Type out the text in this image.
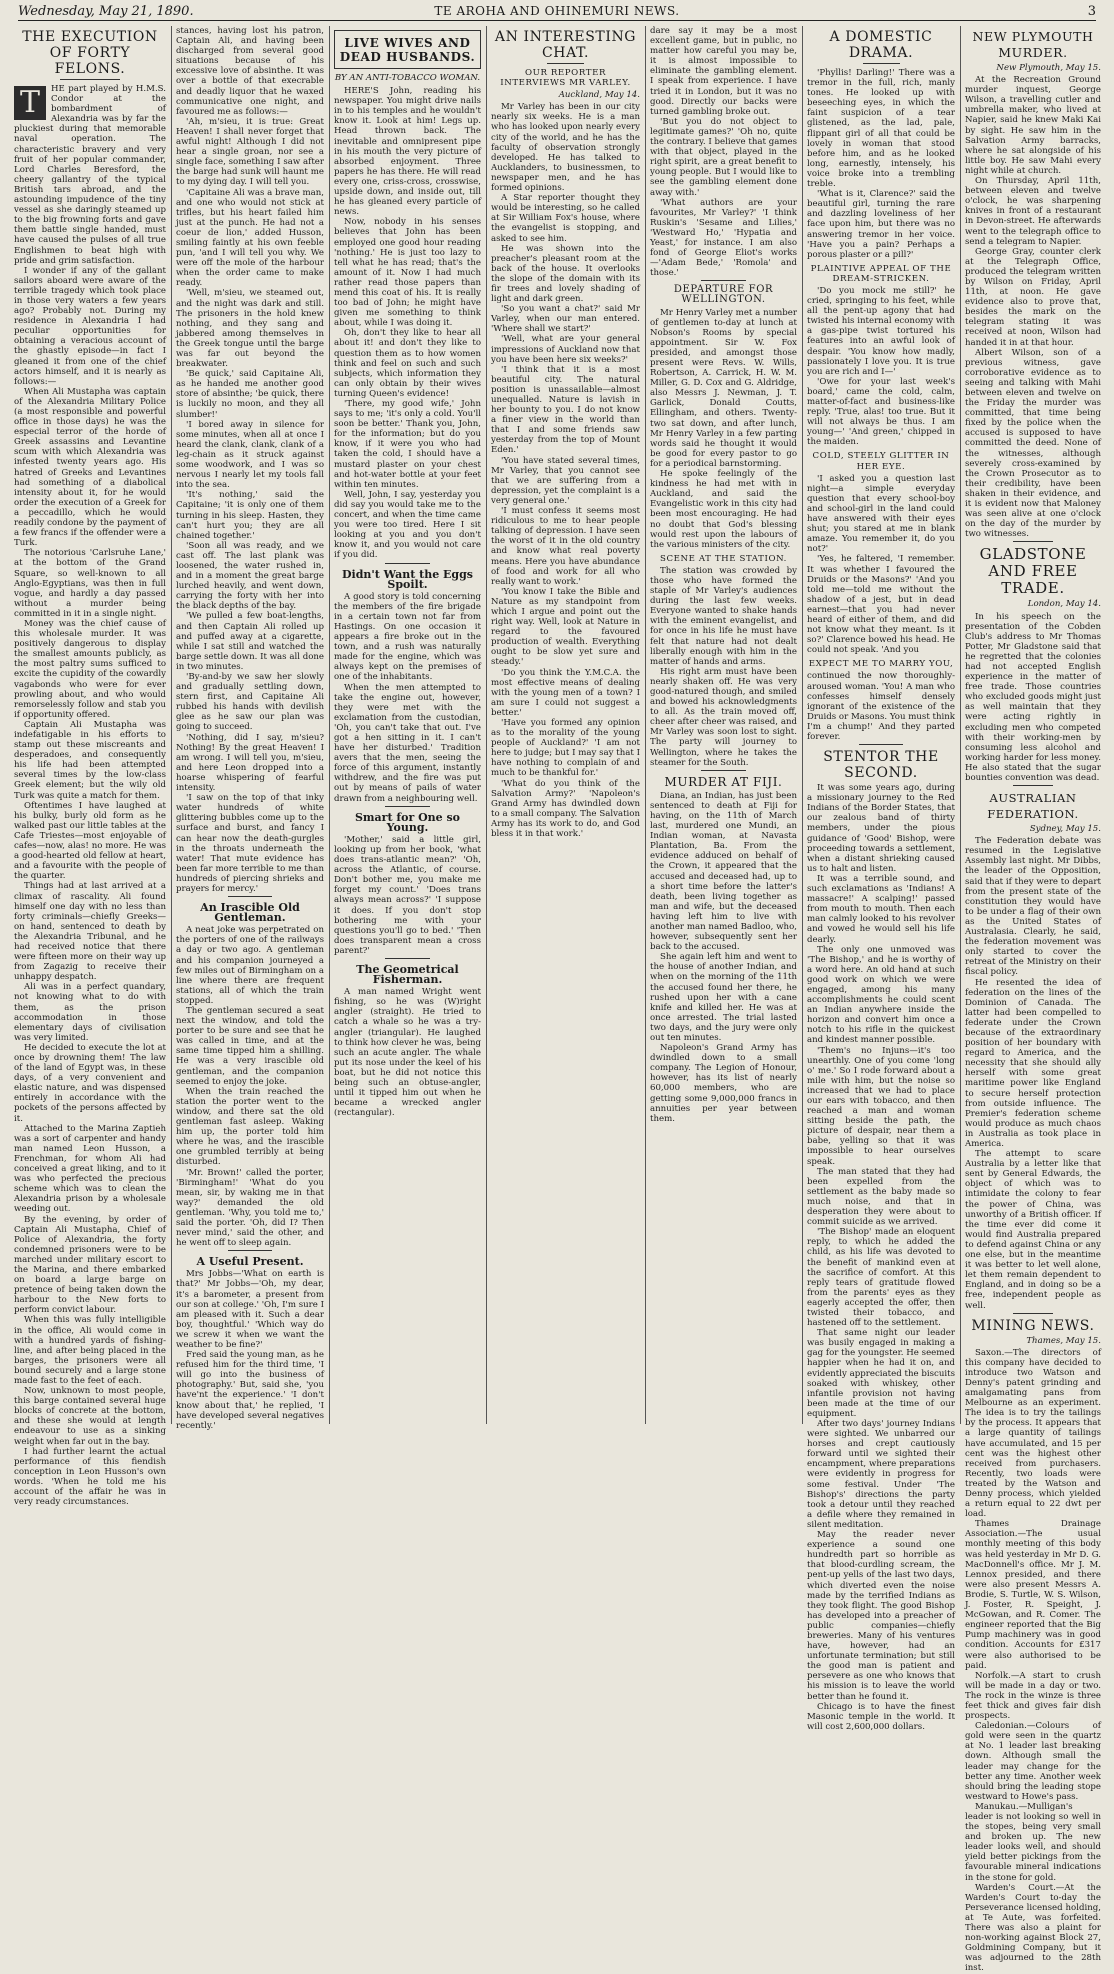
Wednesday, May 21, 1890.	TE AROHA AND OHINEMURI NEWS.	3
THE EXECUTION OF FORTY FELONS.
T	HE part played by H.M.S. Condor at the bombardment of Alexandria was by far the pluckiest during that memorable naval operation. The characteristic bravery and very fruit of her popular commander, Lord Charles Beresford, the cheery gallantry of the typical British tars abroad, and the astounding impudence of the tiny vessel as she daringly steamed up to the big frowning forts and gave them battle single handed, must have caused the pulses of all true Englishmen to beat high with pride and grim satisfaction.

I wonder if any of the gallant sailors aboard were aware of the terrible tragedy which took place in those very waters a few years ago? Probably not. During my residence in Alexandria I had peculiar opportunities for obtaining a veracious account of the ghastly episode—in fact I gleaned it from one of the chief actors himself, and it is nearly as follows:—

When Ali Mustapha was captain of the Alexandria Military Police (a most responsible and powerful office in those days) he was the especial terror of the horde of Greek assassins and Levantine scum with which Alexandria was infested twenty years ago. His hatred of Greeks and Levantines had something of a diabolical intensity about it, for he would order the execution of a Greek for a peccadillo, which he would readily condone by the payment of a few francs if the offender were a Turk.

The notorious 'Carlsruhe Lane,' at the bottom of the Grand Square, so well-known to all Anglo-Egyptians, was then in full vogue, and hardly a day passed without a murder being committed in it in a single night.

Money was the chief cause of this wholesale murder. It was positively dangerous to display the smallest amounts publicly, as the most paltry sums sufficed to excite the cupidity of the cowardly vagabonds who were for ever prowling about, and who would remorselessly follow and stab you if opportunity offered.

Captain Ali Mustapha was indefatigable in his efforts to stamp out these miscreants and desperadoes, and consequently his life had been attempted several times by the low-class Greek element; but the wily old Turk was quite a match for them.

Oftentimes I have laughed at his bulky, burly old form as he walked past our little tables at the Cafe Triestes—most enjoyable of cafes—now, alas! no more. He was a good-hearted old fellow at heart, and a favourite with the people of the quarter.

Things had at last arrived at a climax of rascality. Ali found himself one day with no less than forty criminals—chiefly Greeks—on hand, sentenced to death by the Alexandria Tribunal, and he had received notice that there were fifteen more on their way up from Zagazig to receive their unhappy despatch.

Ali was in a perfect quandary, not knowing what to do with them, as the prison accommodation in those elementary days of civilisation was very limited.

He decided to execute the lot at once by drowning them! The law of the land of Egypt was, in these days, of a very convenient and elastic nature, and was dispensed entirely in accordance with the pockets of the persons affected by it.

Attached to the Marina Zaptieh was a sort of carpenter and handy man named Leon Husson, a Frenchman, for whom Ali had conceived a great liking, and to it was who perfected the precious scheme which was to clean the Alexandria prison by a wholesale weeding out.

By the evening, by order of Captain Ali Mustapha, Chief of Police of Alexandria, the forty condemned prisoners were to be marched under military escort to the Marina, and there embarked on board a large barge on pretence of being taken down the harbour to the New forts to perform convict labour.

When this was fully intelligible in the office, Ali would come in with a hundred yards of fishing-line, and after being placed in the barges, the prisoners were all bound securely and a large stone made fast to the feet of each.

Now, unknown to most people, this barge contained several huge blocks of concrete at the bottom, and these she would at length endeavour to use as a sinking weight when far out in the bay.

I had further learnt the actual performance of this fiendish conception in Leon Husson's own words. 'When he told me his account of the affair he was in very ready circumstances.

stances, having lost his patron, Captain Ali, and having been discharged from several good situations because of his excessive love of absinthe. It was over a bottle of that execrable and deadly liquor that he waxed communicative one night, and favoured me as follows:—

'Ah, m'sieu, it is true: Great Heaven! I shall never forget that awful night! Although I did not hear a single groan, nor see a single face, something I saw after the barge had sunk will haunt me to my dying day. I will tell you.

'Capitaine Ali was a brave man, and one who would not stick at trifles, but his heart failed him just at the punch. He had not a coeur de lion,' added Husson, smiling faintly at his own feeble pun, 'and I will tell you why. We were off the mole of the harbour when the order came to make ready.

'Well, m'sieu, we steamed out, and the night was dark and still. The prisoners in the hold knew nothing, and they sang and jabbered among themselves in the Greek tongue until the barge was far out beyond the breakwater.

'Be quick,' said Capitaine Ali, as he handed me another good store of absinthe; 'be quick, there is luckily no moon, and they all slumber!'

'I bored away in silence for some minutes, when all at once I heard the clank, clank, clank of a leg-chain as it struck against some woodwork, and I was so nervous I nearly let my tools fall into the sea.

'It's nothing,' said the Capitaine; 'it is only one of them turning in his sleep. Hasten, they can't hurt you; they are all chained together.'

'Soon all was ready, and we cast off. The last plank was loosened, the water rushed in, and in a moment the great barge lurched heavily, and went down, carrying the forty with her into the black depths of the bay.

'We pulled a few boat-lengths, and then Captain Ali rolled up and puffed away at a cigarette, while I sat still and watched the barge settle down. It was all done in two minutes.

'By-and-by we saw her slowly and gradually settling down, stern first, and Capitaine Ali rubbed his hands with devilish glee as he saw our plan was going to succeed.

'Nothing, did I say, m'sieu? Nothing! By the great Heaven! I am wrong. I will tell you, m'sieu, and here Leon dropped into a hoarse whispering of fearful intensity.

'I saw on the top of that inky water hundreds of white glittering bubbles come up to the surface and burst, and fancy I can hear now the death-gurgles in the throats underneath the water! That mute evidence has been far more terrible to me than hundreds of piercing shrieks and prayers for mercy.'

An Irascible Old Gentleman.

A neat joke was perpetrated on the porters of one of the railways a day or two ago. A gentleman and his companion journeyed a few miles out of Birmingham on a line where there are frequent stations, all of which the train stopped.

The gentleman secured a seat next the window, and told the porter to be sure and see that he was called in time, and at the same time tipped him a shilling. He was a very irascible old gentleman, and the companion seemed to enjoy the joke.

When the train reached the station the porter went to the window, and there sat the old gentleman fast asleep. Waking him up, the porter told him where he was, and the irascible one grumbled terribly at being disturbed.

'Mr. Brown!' called the porter, 'Birmingham!' 'What do you mean, sir, by waking me in that way?' demanded the old gentleman. 'Why, you told me to,' said the porter. 'Oh, did I? Then never mind,' said the other, and he went off to sleep again.

A Useful Present.

Mrs Jobbs—'What on earth is that?' Mr Jobbs—'Oh, my dear, it's a barometer, a present from our son at college.' 'Oh, I'm sure I am pleased with it. Such a dear boy, thoughtful.' 'Which way do we screw it when we want the weather to be fine?'

Fred said the young man, as he refused him for the third time, 'I will go into the business of photography.' But, said she, 'you have'nt the experience.' 'I don't know about that,' he replied, 'I have developed several negatives recently.'

LIVE WIVES AND DEAD HUSBANDS.
BY AN ANTI-TOBACCO WOMAN.

HERE'S John, reading his newspaper. You might drive nails in to his temples and he wouldn't know it. Look at him! Legs up. Head thrown back. The inevitable and omnipresent pipe in his mouth the very picture of absorbed enjoyment. Three papers he has there. He will read every one, criss-cross, crosswise, upside down, and inside out, till he has gleaned every particle of news.

Now, nobody in his senses believes that John has been employed one good hour reading 'nothing.' He is just too lazy to tell what he has read; that's the amount of it. Now I had much rather read those papers than mend this coat of his. It is really too bad of John; he might have given me something to think about, while I was doing it.

Oh, don't they like to hear all about it! and don't they like to question them as to how women think and feel on such and such subjects, which information they can only obtain by their wives turning Queen's evidence!

'There, my good wife,' John says to me; 'it's only a cold. You'll soon be better.' Thank you, John, for the information; but do you know, if it were you who had taken the cold, I should have a mustard plaster on your chest and hot-water bottle at your feet within ten minutes.

Well, John, I say, yesterday you did say you would take me to the concert, and when the time came you were too tired. Here I sit looking at you and you don't know it, and you would not care if you did.

Didn't Want the Eggs Spoilt.

A good story is told concerning the members of the fire brigade in a certain town not far from Hastings. On one occasion it appears a fire broke out in the town, and a rush was naturally made for the engine, which was always kept on the premises of one of the inhabitants.

When the men attempted to take the engine out, however, they were met with the exclamation from the custodian, 'Oh, you can't take that out. I've got a hen sitting in it. I can't have her disturbed.' Tradition avers that the men, seeing the force of this argument, instantly withdrew, and the fire was put out by means of pails of water drawn from a neighbouring well.

Smart for One so Young.

'Mother,' said a little girl, looking up from her book, 'what does trans-atlantic mean?' 'Oh, across the Atlantic, of course. Don't bother me, you make me forget my count.' 'Does trans always mean across?' 'I suppose it does. If you don't stop bothering me with your questions you'll go to bed.' 'Then does transparent mean a cross parent?'

The Geometrical Fisherman.

A man named Wright went fishing, so he was (W)right angler (straight). He tried to catch a whale so he was a try-angler (triangular). He laughed to think how clever he was, being such an acute angler. The whale put its nose under the keel of his boat, but he did not notice this being such an obtuse-angler, until it tipped him out when he became a wrecked angler (rectangular).

AN INTERESTING CHAT.
OUR REPORTER INTERVIEWS MR VARLEY.
Auckland, May 14.

Mr Varley has been in our city nearly six weeks. He is a man who has looked upon nearly every city of the world, and he has the faculty of observation strongly developed. He has talked to Aucklanders, to businessmen, to newspaper men, and he has formed opinions.

A Star reporter thought they would be interesting, so he called at Sir William Fox's house, where the evangelist is stopping, and asked to see him.

He was shown into the preacher's pleasant room at the back of the house. It overlooks the slope of the domain with its fir trees and lovely shading of light and dark green.

'So you want a chat?' said Mr Varley, when our man entered. 'Where shall we start?'

'Well, what are your general impressions of Auckland now that you have been here six weeks?'

'I think that it is a most beautiful city. The natural position is unassailable—almost unequalled. Nature is lavish in her bounty to you. I do not know a finer view in the world than that I and some friends saw yesterday from the top of Mount Eden.'

'You have stated several times, Mr Varley, that you cannot see that we are suffering from a depression, yet the complaint is a very general one.'

'I must confess it seems most ridiculous to me to hear people talking of depression. I have seen the worst of it in the old country and know what real poverty means. Here you have abundance of food and work for all who really want to work.'

'You know I take the Bible and Nature as my standpoint from which I argue and point out the right way. Well, look at Nature in regard to the favoured production of wealth. Everything ought to be slow yet sure and steady.'

'Do you think the Y.M.C.A. the most effective means of dealing with the young men of a town? I am sure I could not suggest a better.'

'Have you formed any opinion as to the morality of the young people of Auckland?' 'I am not here to judge; but I may say that I have nothing to complain of and much to be thankful for.'

'What do you think of the Salvation Army?' 'Napoleon's Grand Army has dwindled down to a small company. The Salvation Army has its work to do, and God bless it in that work.'

dare say it may be a most excellent game, but in public, no matter how careful you may be, it is almost impossible to eliminate the gambling element. I speak from experience. I have tried it in London, but it was no good. Directly our backs were turned gambling broke out.

'But you do not object to legitimate games?' 'Oh no, quite the contrary. I believe that games with that object, played in the right spirit, are a great benefit to young people. But I would like to see the gambling element done away with.'

'What authors are your favourites, Mr Varley?' 'I think Ruskin's 'Sesame and Lilies,' 'Westward Ho,' 'Hypatia and Yeast,' for instance. I am also fond of George Eliot's works—'Adam Bede,' 'Romola' and those.'

DEPARTURE FOR WELLINGTON.

Mr Henry Varley met a number of gentlemen to-day at lunch at Nobson's Rooms by special appointment. Sir W. Fox presided, and amongst those present were Revs. W. Wills, Robertson, A. Carrick, H. W. M. Miller, G. D. Cox and G. Aldridge, also Messrs J. Newman, J. T. Garlick, Donald Coutts, Ellingham, and others. Twenty-two sat down, and after lunch, Mr Henry Varley in a few parting words said he thought it would be good for every pastor to go for a periodical barnstorming.

He spoke feelingly of the kindness he had met with in Auckland, and said the Evangelistic work in this city had been most encouraging. He had no doubt that God's blessing would rest upon the labours of the various ministers of the city.

SCENE AT THE STATION.

The station was crowded by those who have formed the staple of Mr Varley's audiences during the last few weeks. Everyone wanted to shake hands with the eminent evangelist, and for once in his life he must have felt that nature had not dealt liberally enough with him in the matter of hands and arms.

His right arm must have been nearly shaken off. He was very good-natured though, and smiled and bowed his acknowledgments to all. As the train moved off, cheer after cheer was raised, and Mr Varley was soon lost to sight. The party will journey to Wellington, where he takes the steamer for the South.

MURDER AT FIJI.

Diana, an Indian, has just been sentenced to death at Fiji for having, on the 11th of March last, murdered one Mundi, an Indian woman, at Navasta Plantation, Ba. From the evidence adduced on behalf of the Crown, it appeared that the accused and deceased had, up to a short time before the latter's death, been living together as man and wife, but the deceased having left him to live with another man named Badloo, who, however, subsequently sent her back to the accused.

She again left him and went to the house of another Indian, and when on the morning of the 11th the accused found her there, he rushed upon her with a cane knife and killed her. He was at once arrested. The trial lasted two days, and the jury were only out ten minutes.

Napoleon's Grand Army has dwindled down to a small company. The Legion of Honour, however, has its list of nearly 60,000 members, who are getting some 9,000,000 francs in annuities per year between them.

A DOMESTIC DRAMA.

'Phyllis! Darling!' There was a tremor in the full, rich, manly tones. He looked up with beseeching eyes, in which the faint suspicion of a tear glistened, as the lad, pale, flippant girl of all that could be lovely in woman that stood before him, and as he looked long, earnestly, intensely, his voice broke into a trembling treble.

'What is it, Clarence?' said the beautiful girl, turning the rare and dazzling loveliness of her face upon him, but there was no answering tremor in her voice. 'Have you a pain? Perhaps a porous plaster or a pill?'

PLAINTIVE APPEAL OF THE DREAM-STRICKEN.

'Do you mock me still?' he cried, springing to his feet, while all the pent-up agony that had twisted his internal economy with a gas-pipe twist tortured his features into an awful look of despair. 'You know how madly, passionately I love you. It is true you are rich and I—'

'Owe for your last week's board,' came the cold, calm, matter-of-fact and business-like reply. 'True, alas! too true. But it will not always be thus. I am young—' 'And green,' chipped in the maiden.

COLD, STEELY GLITTER IN HER EYE.

'I asked you a question last night—a simple everyday question that every school-boy and school-girl in the land could have answered with their eyes shut; you stared at me in blank amaze. You remember it, do you not?'

'Yes, he faltered, 'I remember. It was whether I favoured the Druids or the Masons?' 'And you told me—told me without the shadow of a jest, but in dead earnest—that you had never heard of either of them, and did not know what they meant. Is it so?' Clarence bowed his head. He could not speak. 'And you

EXPECT ME TO MARRY YOU,

continued the now thoroughly-aroused woman. 'You! A man who confesses himself densely ignorant of the existence of the Druids or Masons. You must think I'm a chump!' And they parted forever.

STENTOR THE SECOND.

It was some years ago, during a missionary journey to the Red Indians of the Border States, that our zealous band of thirty members, under the pious guidance of 'Good' Bishop, were proceeding towards a settlement, when a distant shrieking caused us to halt and listen.

It was a terrible sound, and such exclamations as 'Indians! A massacre!' A scalping!' passed from mouth to mouth. Then each man calmly looked to his revolver and vowed he would sell his life dearly.

The only one unmoved was 'The Bishop,' and he is worthy of a word here. An old hand at such good work on which we were engaged, among his many accomplishments he could scent an Indian anywhere inside the horizon and convert him once a notch to his rifle in the quickest and kindest manner possible.

'Them's no Injuns—it's too unearthly. One of you come 'long o' me.' So I rode forward about a mile with him, but the noise so increased that we had to place our ears with tobacco, and then reached a man and woman sitting beside the path, the picture of despair, near them a babe, yelling so that it was impossible to hear ourselves speak.

The man stated that they had been expelled from the settlement as the baby made so much noise, and that in desperation they were about to commit suicide as we arrived.

'The Bishop' made an eloquent reply, to which he added the child, as his life was devoted to the benefit of mankind even at the sacrifice of comfort. At this reply tears of gratitude flowed from the parents' eyes as they eagerly accepted the offer, then twisted their tobacco, and hastened off to the settlement.

That same night our leader was busily engaged in making a gag for the youngster. He seemed happier when he had it on, and evidently appreciated the biscuits soaked with whiskey, other infantile provision not having been made at the time of our equipment.

After two days' journey Indians were sighted. We unbarred our horses and crept cautiously forward until we sighted their encampment, where preparations were evidently in progress for some festival. Under 'The Bishop's' directions the party took a detour until they reached a defile where they remained in silent meditation.

May the reader never experience a sound one hundredth part so horrible as that blood-curdling scream, the pent-up yells of the last two days, which diverted even the noise made by the terrified Indians as they took flight. The good Bishop has developed into a preacher of public companies—chiefly breweries. Many of his ventures have, however, had an unfortunate termination; but still the good man is patient and persevere as one who knows that his mission is to leave the world better than he found it.

Chicago is to have the finest Masonic temple in the world. It will cost 2,600,000 dollars.

NEW PLYMOUTH MURDER.
New Plymouth, May 15.

At the Recreation Ground murder inquest, George Wilson, a travelling cutler and umbrella maker, who lived at Napier, said he knew Maki Kai by sight. He saw him in the Salvation Army barracks, where he sat alongside of his little boy. He saw Mahi every night while at church.

On Thursday, April 11th, between eleven and twelve o'clock, he was sharpening knives in front of a restaurant in Devon-street. He afterwards went to the telegraph office to send a telegram to Napier.

George Gray, counter clerk at the Telegraph Office, produced the telegram written by Wilson on Friday, April 11th, at noon. He gave evidence also to prove that, besides the mark on the telegram stating it was received at noon, Wilson had handed it in at that hour.

Albert Wilson, son of a previous witness, gave corroborative evidence as to seeing and talking with Mahi between eleven and twelve on the Friday the murder was committed, that time being fixed by the police when the accused is supposed to have committed the deed. None of the witnesses, although severely cross-examined by the Crown Prosecutor as to their credibility, have been shaken in their evidence, and it is evident now that Maloney was seen alive at one o'clock on the day of the murder by two witnesses.

GLADSTONE AND FREE TRADE.
London, May 14.

In his speech on the presentation of the Cobden Club's address to Mr Thomas Potter, Mr Gladstone said that he regretted that the colonies had not accepted English experience in the matter of free trade. Those countries who excluded goods might just as well maintain that they were acting rightly in excluding men who competed with their working-men by consuming less alcohol and working harder for less money. He also stated that the sugar bounties convention was dead.

AUSTRALIAN FEDERATION.
Sydney, May 15.

The Federation debate was resumed in the Legislative Assembly last night. Mr Dibbs, the leader of the Opposition, said that if they were to depart from the present state of the constitution they would have to be under a flag of their own as the United States of Australasia. Clearly, he said, the federation movement was only started to cover the retreat of the Ministry on their fiscal policy.

He resented the idea of federation on the lines of the Dominion of Canada. The latter had been compelled to federate under the Crown because of the extraordinary position of her boundary with regard to America, and the necessity that she should ally herself with some great maritime power like England to secure herself protection from outside influence. The Premier's federation scheme would produce as much chaos in Australia as took place in America.

The attempt to scare Australia by a letter like that sent by General Edwards, the object of which was to intimidate the colony to fear the power of China, was unworthy of a British officer. If the time ever did come it would find Australia prepared to defend against China or any one else, but in the meantime it was better to let well alone, let them remain dependent to England, and in doing so be a free, independent people as well.

MINING NEWS.
Thames, May 15.

Saxon.—The directors of this company have decided to introduce two Watson and Denny's patent grinding and amalgamating pans from Melbourne as an experiment. The idea is to try the tailings by the process. It appears that a large quantity of tailings have accumulated, and 15 per cent was the highest other received from purchasers. Recently, two loads were treated by the Watson and Denny process, which yielded a return equal to 22 dwt per load.

Thames Drainage Association.—The usual monthly meeting of this body was held yesterday in Mr D. G. MacDonnell's office. Mr J. M. Lennox presided, and there were also present Messrs A. Brodie, S. Turtle, W. S. Wilson, J. Foster, R. Speight, J. McGowan, and R. Comer. The engineer reported that the Big Pump machinery was in good condition. Accounts for £317 were also authorised to be paid.

Norfolk.—A start to crush will be made in a day or two. The rock in the winze is three feet thick and gives fair dish prospects.

Caledonian.—Colours of gold were seen in the quartz at No. 1 leader last breaking down. Although small the leader may change for the better any time. Another week should bring the leading stope westward to Howe's pass.

Manukau.—Mulligan's leader is not looking so well in the stopes, being very small and broken up. The new leader looks well, and should yield better pickings from the favourable mineral indications in the stone for gold.

Warden's Court.—At the Warden's Court to-day the Perseverance licensed holding, at Te Aute, was forfeited. There was also a plaint for non-working against Block 27, Goldmining Company, but it was adjourned to the 28th inst.
